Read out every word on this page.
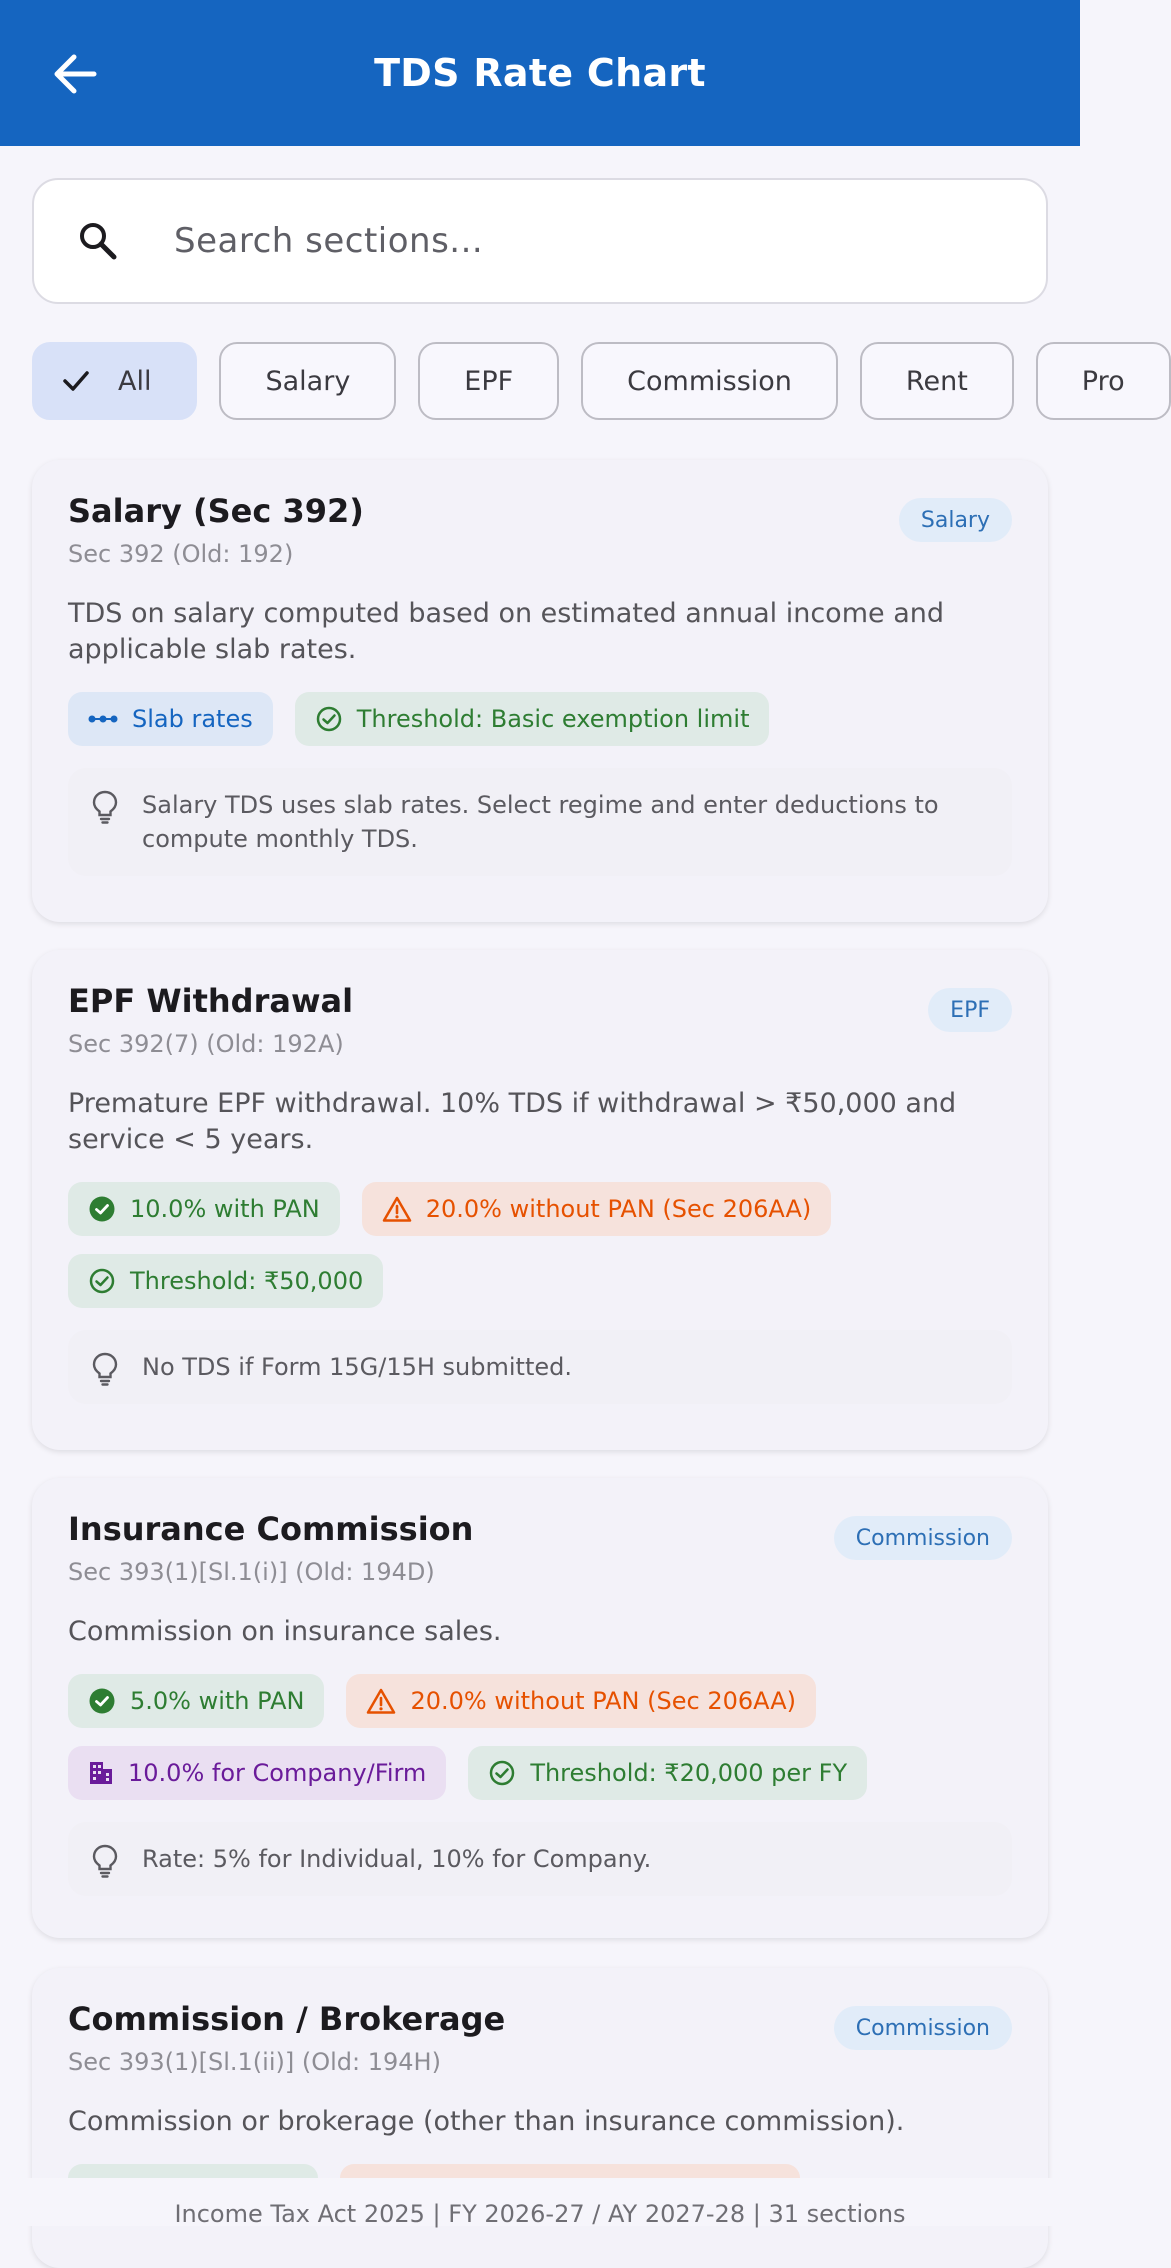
TDS Rate Chart
Search sections...
All	Salary	EPF	Commission	Rent	Pro
Salary (Sec 392)
Sec 392 (Old: 192)
Salary
TDS on salary computed based on estimated annual income and applicable slab rates.
Slab rates	Threshold: Basic exemption limit
Salary TDS uses slab rates. Select regime and enter deductions to compute monthly TDS.
EPF Withdrawal
Sec 392(7) (Old: 192A)
EPF
Premature EPF withdrawal. 10% TDS if withdrawal > ₹50,000 and service < 5 years.
10.0% with PAN	20.0% without PAN (Sec 206AA)
Threshold: ₹50,000
No TDS if Form 15G/15H submitted.
Insurance Commission
Sec 393(1)[Sl.1(i)] (Old: 194D)
Commission
Commission on insurance sales.
5.0% with PAN	20.0% without PAN (Sec 206AA)
10.0% for Company/Firm	Threshold: ₹20,000 per FY
Rate: 5% for Individual, 10% for Company.
Commission / Brokerage
Sec 393(1)[Sl.1(ii)] (Old: 194H)
Commission
Commission or brokerage (other than insurance commission).
Income Tax Act 2025 | FY 2026-27 / AY 2027-28 | 31 sections
